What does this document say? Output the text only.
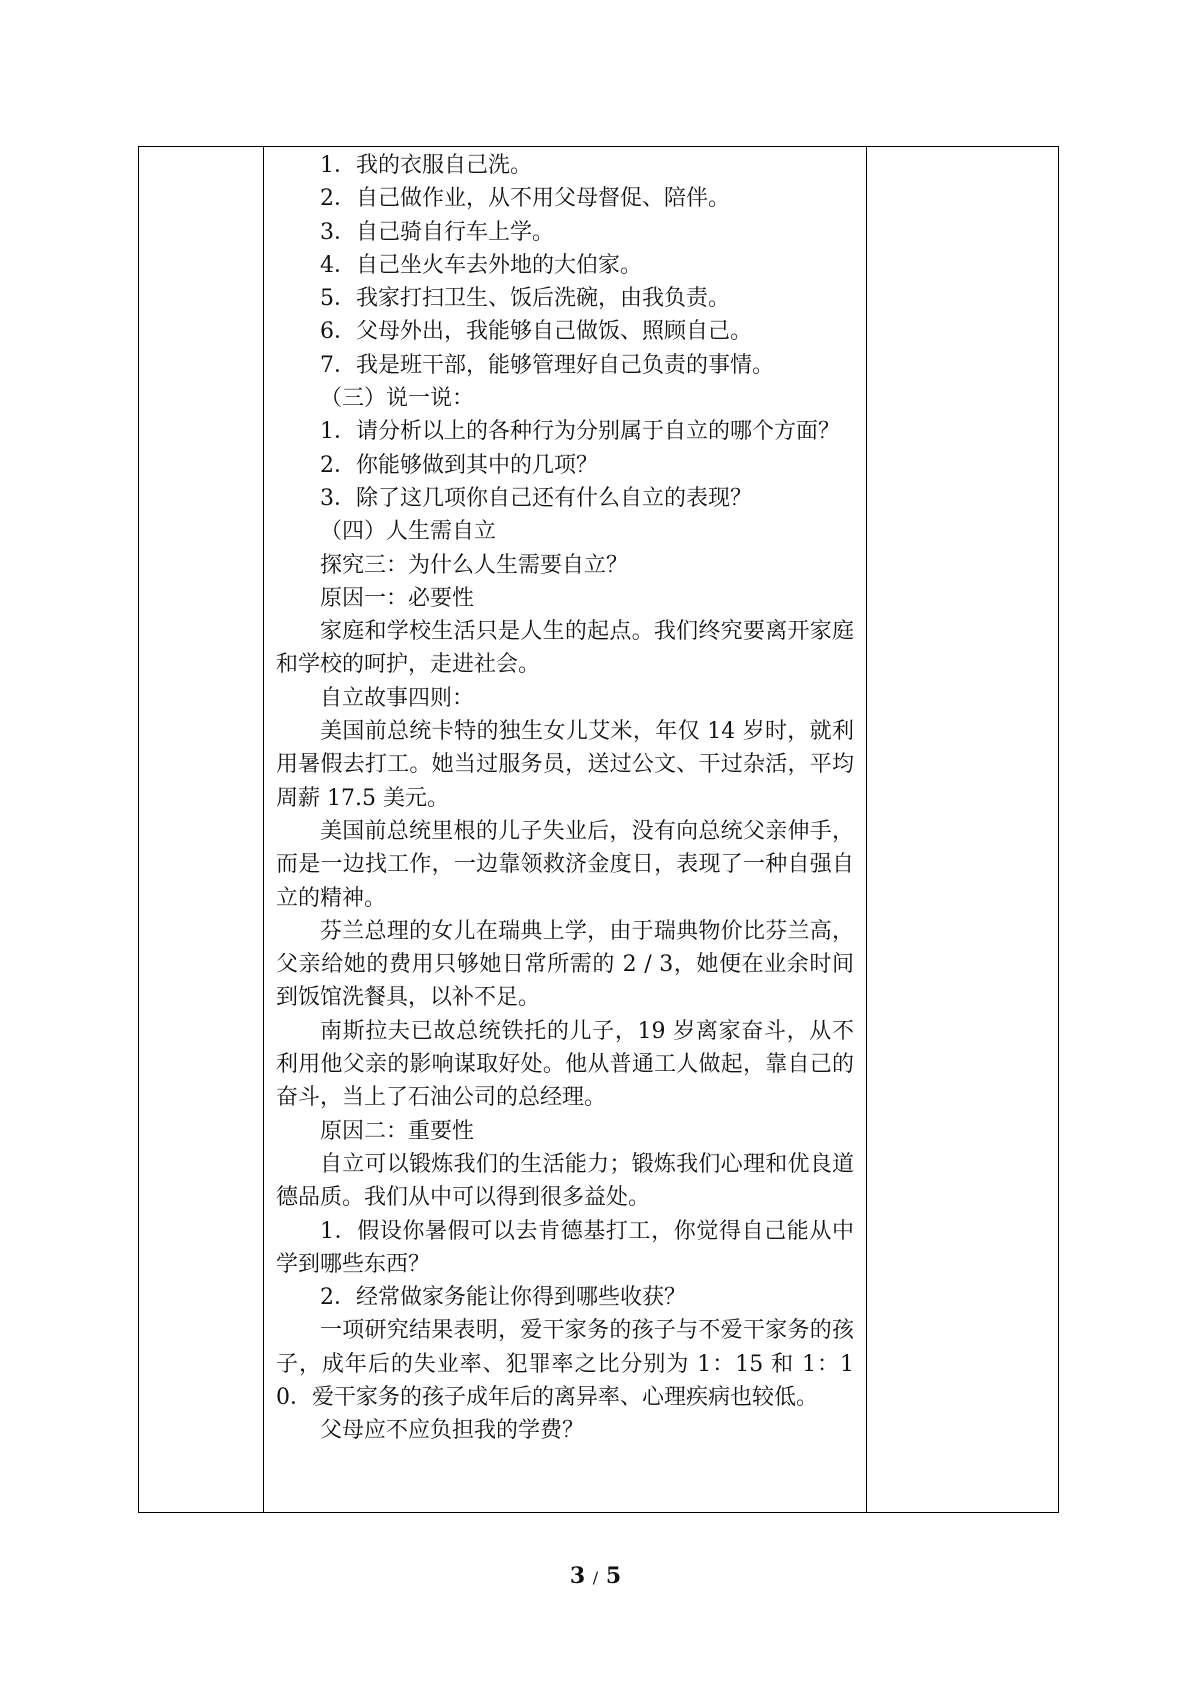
1．我的衣服自己洗。

2．自己做作业，从不用父母督促、陪伴。

3．自己骑自行车上学。

4．自己坐火车去外地的大伯家。

5．我家打扫卫生、饭后洗碗，由我负责。

6．父母外出，我能够自己做饭、照顾自己。

7．我是班干部，能够管理好自己负责的事情。

（三）说一说：

1．请分析以上的各种行为分别属于自立的哪个方面？

2．你能够做到其中的几项？

3．除了这几项你自己还有什么自立的表现？

（四）人生需自立

探究三：为什么人生需要自立？

原因一：必要性

家庭和学校生活只是人生的起点。我们终究要离开家庭和学校的呵护，走进社会。

自立故事四则：

美国前总统卡特的独生女儿艾米，年仅 14 岁时，就利用暑假去打工。她当过服务员，送过公文、干过杂活，平均周薪 17.5 美元。

美国前总统里根的儿子失业后，没有向总统父亲伸手，而是一边找工作，一边靠领救济金度日，表现了一种自强自立的精神。

芬兰总理的女儿在瑞典上学，由于瑞典物价比芬兰高，父亲给她的费用只够她日常所需的 2 / 3，她便在业余时间到饭馆洗餐具，以补不足。

南斯拉夫已故总统铁托的儿子，19 岁离家奋斗，从不利用他父亲的影响谋取好处。他从普通工人做起，靠自己的奋斗，当上了石油公司的总经理。

原因二：重要性

自立可以锻炼我们的生活能力；锻炼我们心理和优良道德品质。我们从中可以得到很多益处。

1．假设你暑假可以去肯德基打工，你觉得自己能从中学到哪些东西？

2．经常做家务能让你得到哪些收获？

一项研究结果表明，爱干家务的孩子与不爱干家务的孩子，成年后的失业率、犯罪率之比分别为 1：15 和 1：10．爱干家务的孩子成年后的离异率、心理疾病也较低。

父母应不应负担我的学费？

3 / 5
